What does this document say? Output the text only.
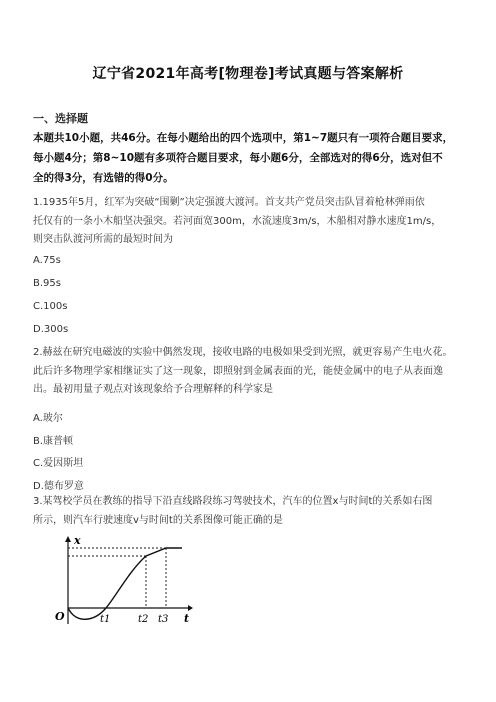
辽宁省2021年高考[物理卷]考试真题与答案解析
一、选择题
本题共10小题，共46分。在每小题给出的四个选项中，第1~7题只有一项符合题目要求，
每小题4分；第8~10题有多项符合题目要求，每小题6分，全部选对的得6分，选对但不
全的得3分，有选错的得0分。
1.1935年5月，红军为突破“围剿”决定强渡大渡河。首支共产党员突击队冒着枪林弹雨依
托仅有的一条小木船坚决强突。若河面宽300m，水流速度3m/s，木船相对静水速度1m/s，
则突击队渡河所需的最短时间为
A.75s
B.95s
C.100s
D.300s
2.赫兹在研究电磁波的实验中偶然发现，接收电路的电极如果受到光照，就更容易产生电火花。
此后许多物理学家相继证实了这一现象，即照射到金属表面的光，能使金属中的电子从表面逸
出。最初用量子观点对该现象给予合理解释的科学家是
A.玻尔
B.康普顿
C.爱因斯坦
D.德布罗意
3.某驾校学员在教练的指导下沿直线路段练习驾驶技术，汽车的位置x与时间t的关系如右图
所示，则汽车行驶速度v与时间t的关系图像可能正确的是
O
x
t
t1	t2 t3
